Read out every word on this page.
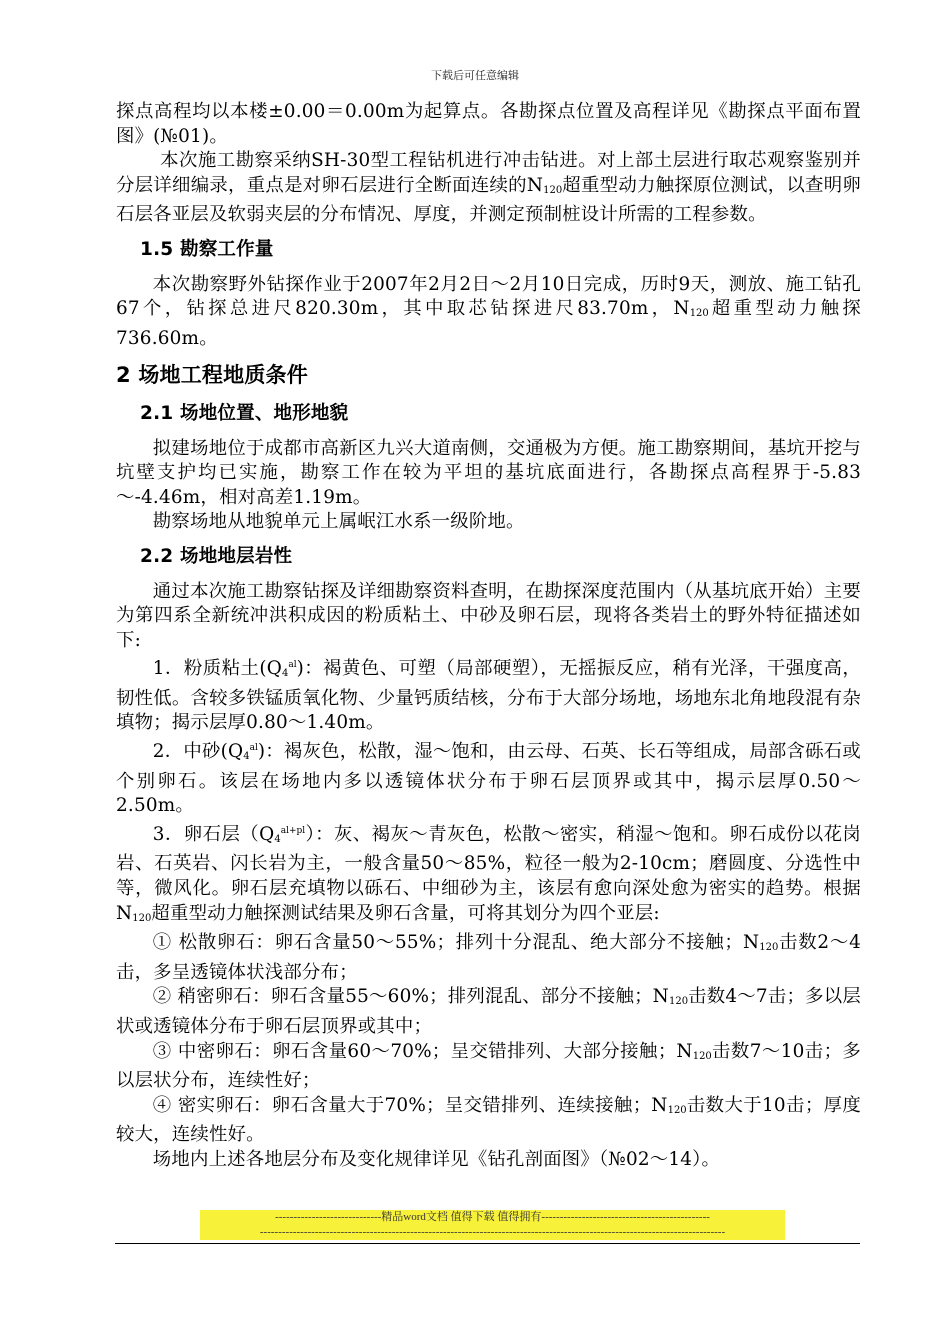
下载后可任意编辑

探点高程均以本楼±0.00＝0.00m为起算点。各勘探点位置及高程详见《勘探点平面布置图》(№01)。

本次施工勘察采纳SH-30型工程钻机进行冲击钻进。对上部土层进行取芯观察鉴别并分层详细编录，重点是对卵石层进行全断面连续的$N_{120}$超重型动力触探原位测试，以查明卵石层各亚层及软弱夹层的分布情况、厚度，并测定预制桩设计所需的工程参数。

1.5 勘察工作量

本次勘察野外钻探作业于2007年2月2日～2月10日完成，历时9天，测放、施工钻孔67个，钻探总进尺820.30m，其中取芯钻探进尺83.70m，$N_{120}$超重型动力触探736.60m。

2 场地工程地质条件
2.1 场地位置、地形地貌

拟建场地位于成都市高新区九兴大道南侧，交通极为方便。施工勘察期间，基坑开挖与坑壁支护均已实施，勘察工作在较为平坦的基坑底面进行，各勘探点高程界于-5.83～-4.46m，相对高差1.19m。

勘察场地从地貌单元上属岷江水系一级阶地。

2.2 场地地层岩性

通过本次施工勘察钻探及详细勘察资料查明，在勘探深度范围内（从基坑底开始）主要为第四系全新统冲洪积成因的粉质粘土、中砂及卵石层，现将各类岩土的野外特征描述如下:

1．粉质粘土$(Q_4^{al})$：褐黄色、可塑（局部硬塑），无摇振反应，稍有光泽，干强度高，韧性低。含较多铁锰质氧化物、少量钙质结核，分布于大部分场地，场地东北角地段混有杂填物；揭示层厚0.80～1.40m。

2．中砂$(Q_4^{al})$：褐灰色，松散，湿～饱和，由云母、石英、长石等组成，局部含砾石或个别卵石。该层在场地内多以透镜体状分布于卵石层顶界或其中，揭示层厚0.50～2.50m。

3．卵石层$(Q_4^{al+pl})$：灰、褐灰～青灰色，松散～密实，稍湿～饱和。卵石成份以花岗岩、石英岩、闪长岩为主，一般含量50～85%，粒径一般为2-10cm；磨圆度、分选性中等，微风化。卵石层充填物以砾石、中细砂为主，该层有愈向深处愈为密实的趋势。根据$N_{120}$超重型动力触探测试结果及卵石含量，可将其划分为四个亚层:

① 松散卵石：卵石含量50～55%；排列十分混乱、绝大部分不接触；$N_{120}$击数2～4击，多呈透镜体状浅部分布；

② 稍密卵石：卵石含量55～60%；排列混乱、部分不接触；$N_{120}$击数4～7击；多以层状或透镜体分布于卵石层顶界或其中；

③ 中密卵石：卵石含量60～70%；呈交错排列、大部分接触；$N_{120}$击数7～10击；多以层状分布，连续性好；

④ 密实卵石：卵石含量大于70%；呈交错排列、连续接触；$N_{120}$击数大于10击；厚度较大，连续性好。

场地内上述各地层分布及变化规律详见《钻孔剖面图》（№02～14）。

-----------------------------精品word文档 值得下载 值得拥有----------------------------------------------
-------------------------------------------------------------------------------------------------------------------------------
